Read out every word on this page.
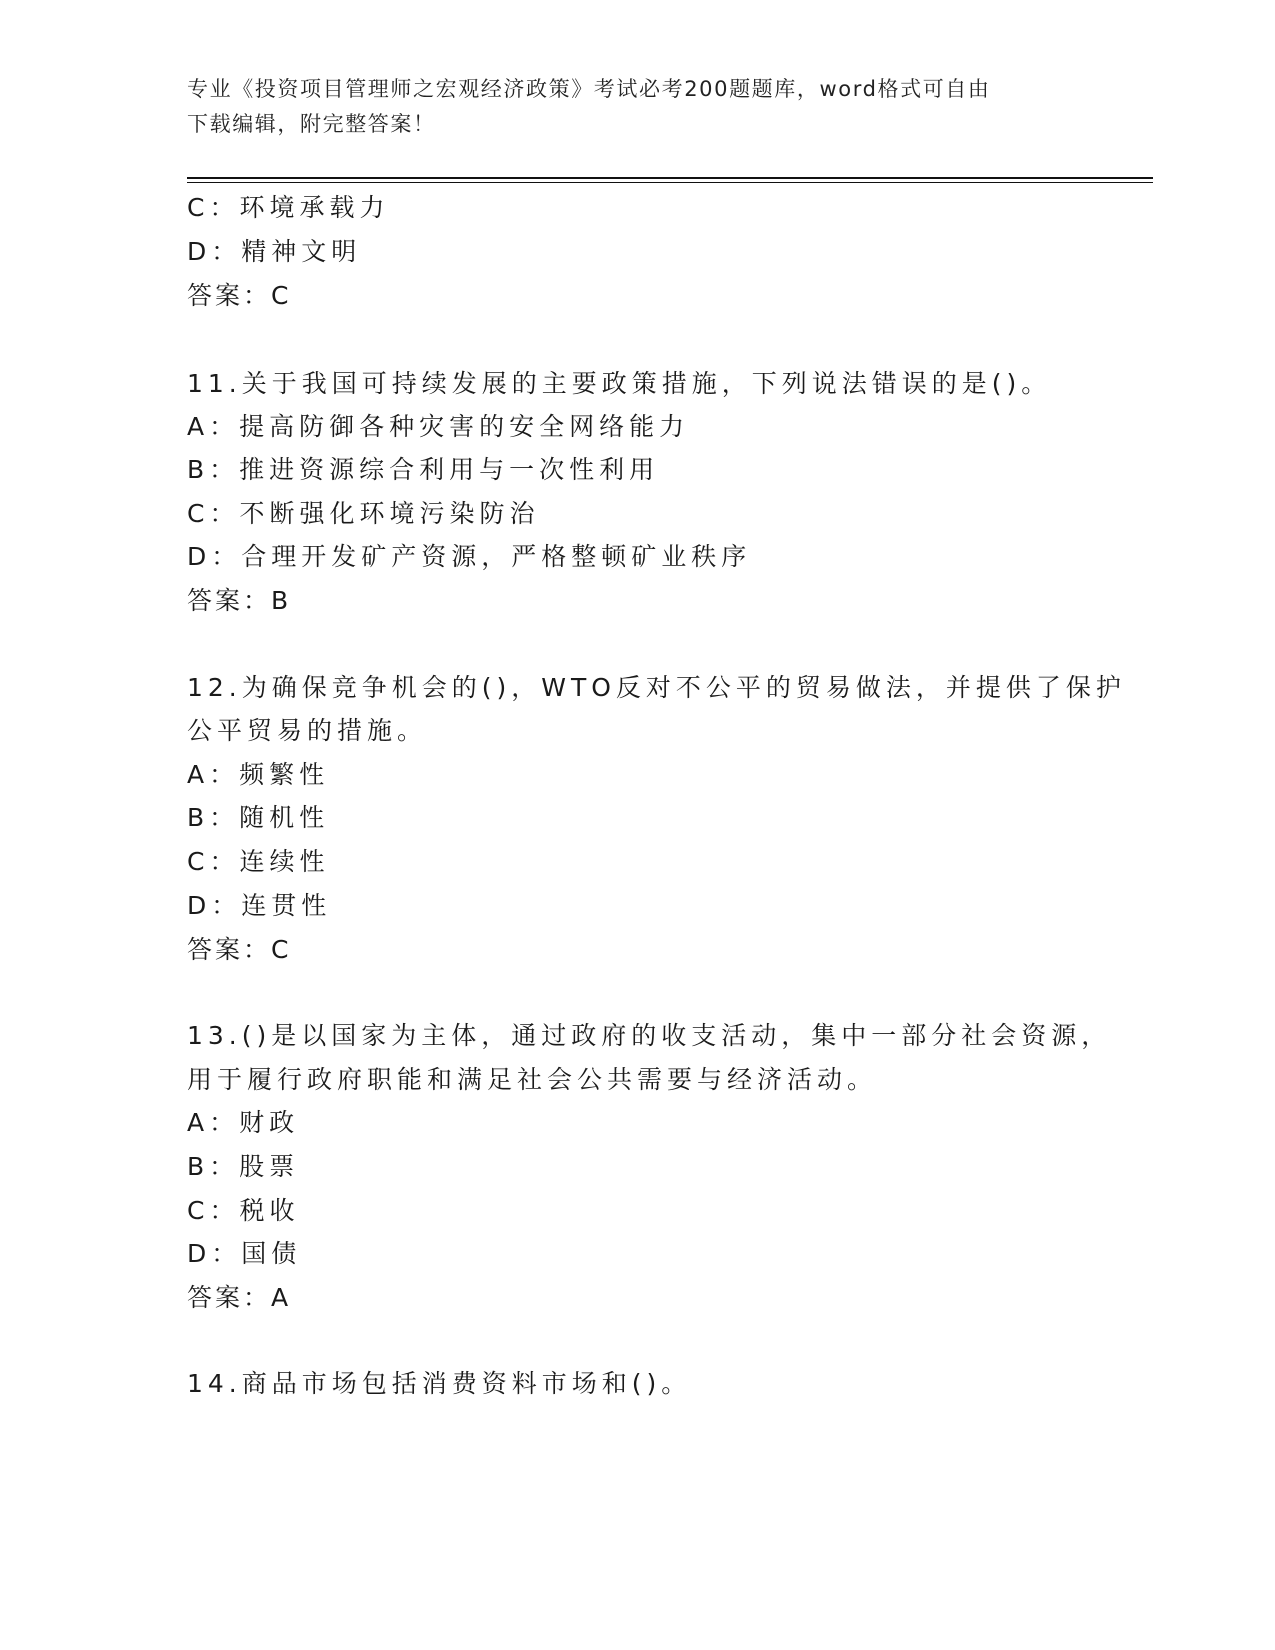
专业《投资项目管理师之宏观经济政策》考试必考200题题库，word格式可自由
下载编辑，附完整答案！
C：环境承载力
D：精神文明
答案：C
11.关于我国可持续发展的主要政策措施，下列说法错误的是()。
A：提高防御各种灾害的安全网络能力
B：推进资源综合利用与一次性利用
C：不断强化环境污染防治
D：合理开发矿产资源，严格整顿矿业秩序
答案：B
12.为确保竞争机会的()，WTO反对不公平的贸易做法，并提供了保护
公平贸易的措施。
A：频繁性
B：随机性
C：连续性
D：连贯性
答案：C
13.()是以国家为主体，通过政府的收支活动，集中一部分社会资源，
用于履行政府职能和满足社会公共需要与经济活动。
A：财政
B：股票
C：税收
D：国债
答案：A
14.商品市场包括消费资料市场和()。
